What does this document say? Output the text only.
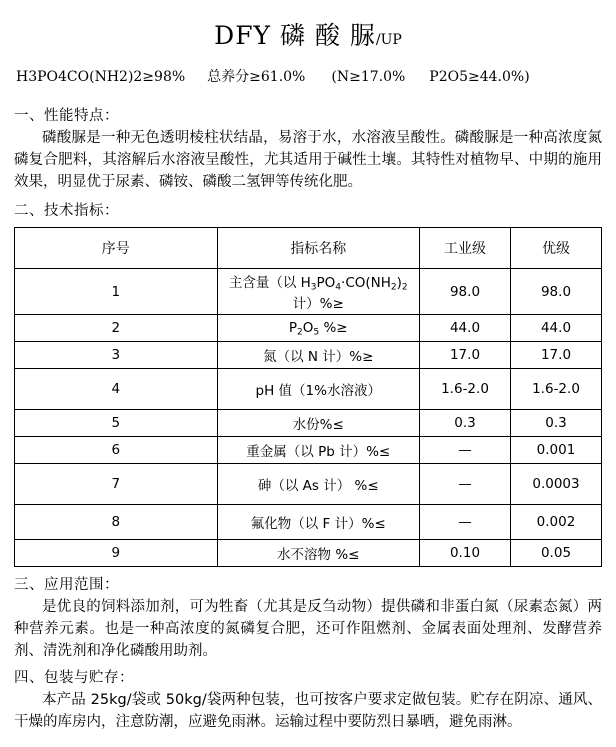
DFY 磷 酸 脲/UP
H3PO4CO(NH2)2≥98% 总养分≥61.0% (N≥17.0% P2O5≥44.0%)
一、性能特点：
磷酸脲是一种无色透明棱柱状结晶，易溶于水，水溶液呈酸性。磷酸脲是一种高浓度氮磷复合肥料，其溶解后水溶液呈酸性，尤其适用于碱性土壤。其特性对植物早、中期的施用效果，明显优于尿素、磷铵、磷酸二氢钾等传统化肥。
二、技术指标：
序号	指标名称	工业级	优级
1	主含量（以 $H_3PO_4\cdot CO(NH_2)_2$计）%≥	98.0	98.0
2	$P_2O_5$ %≥	44.0	44.0
3	氮（以 N 计）%≥	17.0	17.0
4	pH 值（1%水溶液）	1.6-2.0	1.6-2.0
5	水份%≤	0.3	0.3
6	重金属（以 Pb 计）%≤	—	0.001
7	砷（以 As 计） %≤	—	0.0003
8	氟化物（以 F 计）%≤	—	0.002
9	水不溶物 %≤	0.10	0.05
三、应用范围：
是优良的饲料添加剂，可为牲畜（尤其是反刍动物）提供磷和非蛋白氮（尿素态氮）两种营养元素。也是一种高浓度的氮磷复合肥，还可作阻燃剂、金属表面处理剂、发酵营养剂、清洗剂和净化磷酸用助剂。
四、包装与贮存：
本产品 25kg/袋或 50kg/袋两种包装，也可按客户要求定做包装。贮存在阴凉、通风、干燥的库房内，注意防潮，应避免雨淋。运输过程中要防烈日暴晒，避免雨淋。
